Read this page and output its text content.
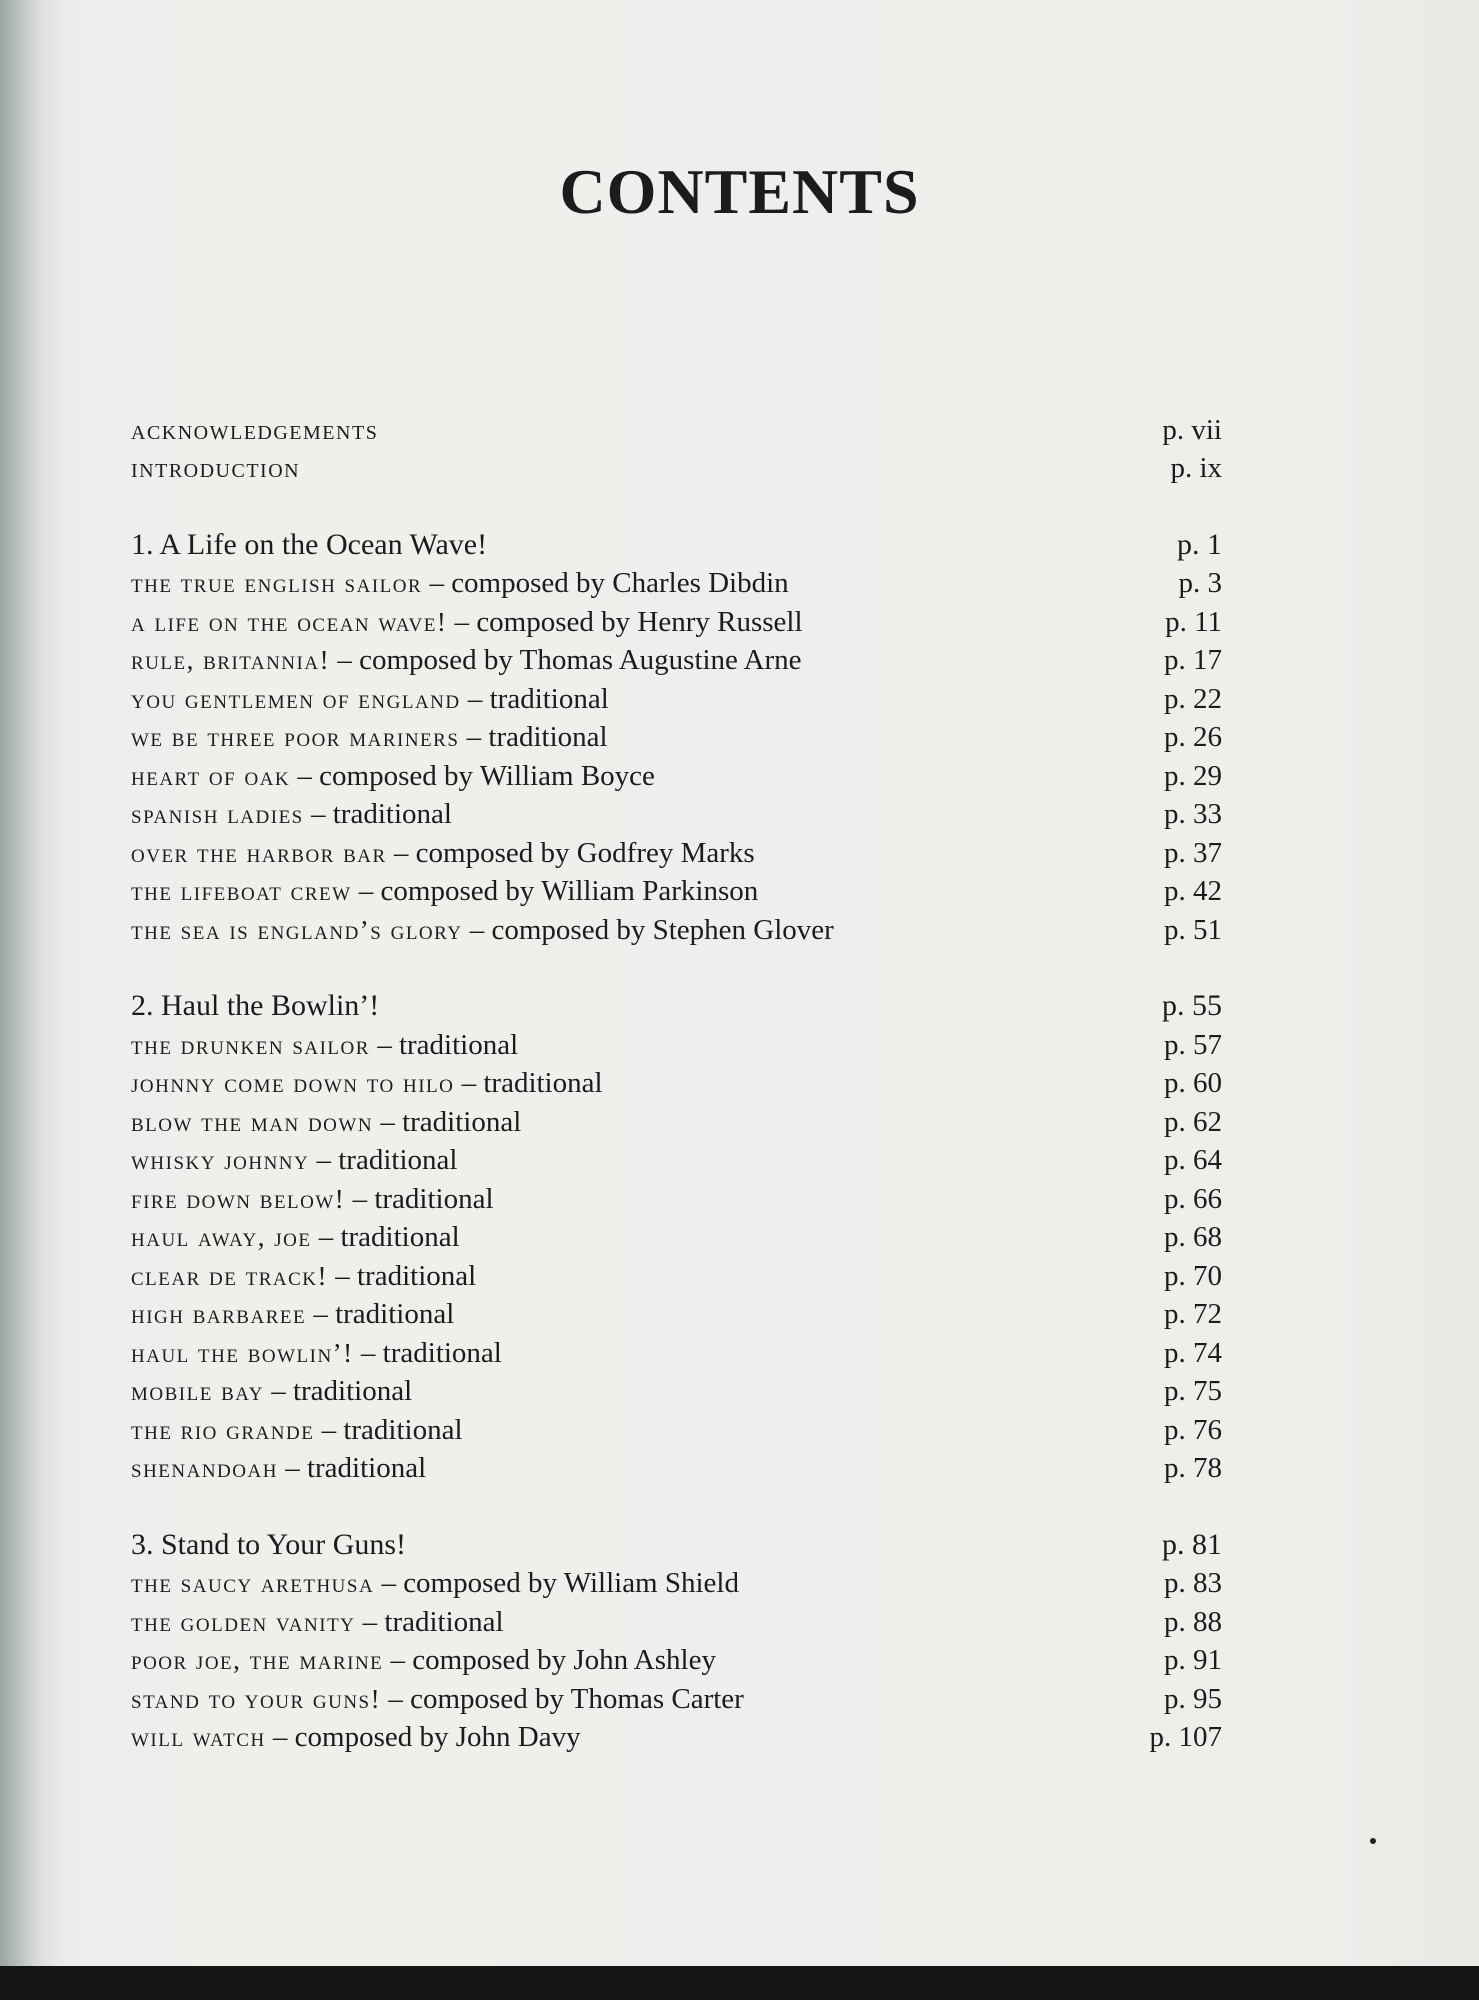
CONTENTS
acknowledgements	p. vii
introduction	p. ix
1. A Life on the Ocean Wave!	p. 1
the true english sailor – composed by Charles Dibdin	p. 3
a life on the ocean wave! – composed by Henry Russell	p. 11
rule, britannia! – composed by Thomas Augustine Arne	p. 17
you gentlemen of england – traditional	p. 22
we be three poor mariners – traditional	p. 26
heart of oak – composed by William Boyce	p. 29
spanish ladies – traditional	p. 33
over the harbor bar – composed by Godfrey Marks	p. 37
the lifeboat crew – composed by William Parkinson	p. 42
the sea is england’s glory – composed by Stephen Glover	p. 51
2. Haul the Bowlin’!	p. 55
the drunken sailor – traditional	p. 57
johnny come down to hilo – traditional	p. 60
blow the man down – traditional	p. 62
whisky johnny – traditional	p. 64
fire down below! – traditional	p. 66
haul away, joe – traditional	p. 68
clear de track! – traditional	p. 70
high barbaree – traditional	p. 72
haul the bowlin’! – traditional	p. 74
mobile bay – traditional	p. 75
the rio grande – traditional	p. 76
shenandoah – traditional	p. 78
3. Stand to Your Guns!	p. 81
the saucy arethusa – composed by William Shield	p. 83
the golden vanity – traditional	p. 88
poor joe, the marine – composed by John Ashley	p. 91
stand to your guns! – composed by Thomas Carter	p. 95
will watch – composed by John Davy	p. 107
